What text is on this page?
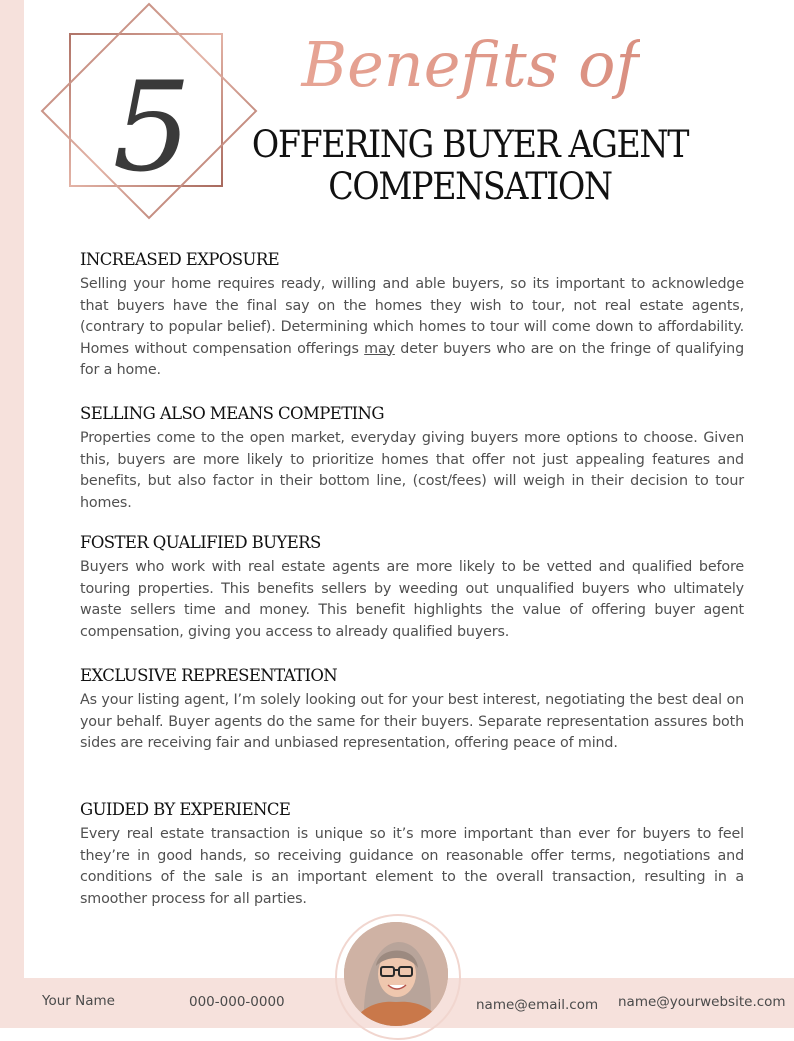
5 Benefits of
OFFERING BUYER AGENT
COMPENSATION
INCREASED EXPOSURE

Selling your home requires ready, willing and able buyers, so its important to acknowledge that buyers have the final say on the homes they wish to tour, not real estate agents, (contrary to popular belief). Determining which homes to tour will come down to affordability. Homes without compensation offerings may deter buyers who are on the fringe of qualifying for a home.

SELLING ALSO MEANS COMPETING

Properties come to the open market, everyday giving buyers more options to choose. Given this, buyers are more likely to prioritize homes that offer not just appealing features and benefits, but also factor in their bottom line, (cost/fees) will weigh in their decision to tour homes.

FOSTER QUALIFIED BUYERS

Buyers who work with real estate agents are more likely to be vetted and qualified before touring properties. This benefits sellers by weeding out unqualified buyers who ultimately waste sellers time and money. This benefit highlights the value of offering buyer agent compensation, giving you access to already qualified buyers.

EXCLUSIVE REPRESENTATION

As your listing agent, I’m solely looking out for your best interest, negotiating the best deal on your behalf. Buyer agents do the same for their buyers. Separate representation assures both sides are receiving fair and unbiased representation, offering peace of mind.

GUIDED BY EXPERIENCE

Every real estate transaction is unique so it’s more important than ever for buyers to feel they’re in good hands, so receiving guidance on reasonable offer terms, negotiations and conditions of the sale is an important element to the overall transaction, resulting in a smoother process for all parties.

Your Name	000-000-0000	name@email.com name@yourwebsite.com
